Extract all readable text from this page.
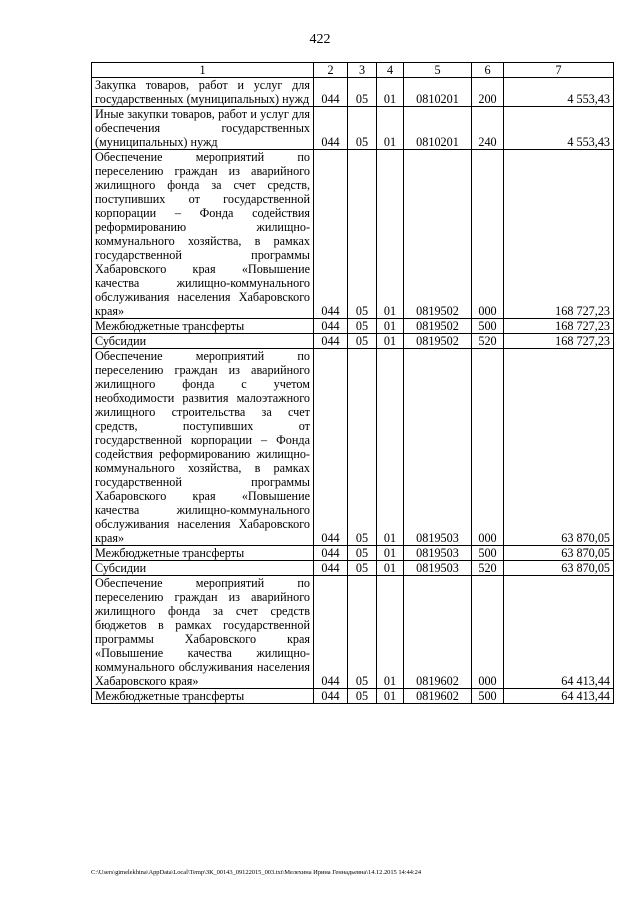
422
1	2	3	4	5	6	7
Закупка товаров, работ и услуг для государственных (муниципальных) нужд	044	05	01	0810201	200	4 553,43
Иные закупки товаров, работ и услуг для обеспечения государственных (муниципальных) нужд	044	05	01	0810201	240	4 553,43
Обеспечение мероприятий по переселению граждан из аварийного жилищного фонда за счет средств, поступивших от государственной корпорации – Фонда содействия реформированию жилищно-коммунального хозяйства, в рамках государственной программы Хабаровского края «Повышение качества жилищно-коммунального обслуживания населения Хабаровского края»	044	05	01	0819502	000	168 727,23
Межбюджетные трансферты	044	05	01	0819502	500	168 727,23
Субсидии	044	05	01	0819502	520	168 727,23
Обеспечение мероприятий по переселению граждан из аварийного жилищного фонда с учетом необходимости развития малоэтажного жилищного строительства за счет средств, поступивших от государственной корпорации – Фонда содействия реформированию жилищно-коммунального хозяйства, в рамках государственной программы Хабаровского края «Повышение качества жилищно-коммунального обслуживания населения Хабаровского края»	044	05	01	0819503	000	63 870,05
Межбюджетные трансферты	044	05	01	0819503	500	63 870,05
Субсидии	044	05	01	0819503	520	63 870,05
Обеспечение мероприятий по переселению граждан из аварийного жилищного фонда за счет средств бюджетов в рамках государственной программы Хабаровского края «Повышение качества жилищно-коммунального обслуживания населения Хабаровского края»	044	05	01	0819602	000	64 413,44
Межбюджетные трансферты	044	05	01	0819602	500	64 413,44
C:\Users\gimelekhina\AppData\Local\Temp\ЗК_00143_09122015_003.txt\Мелехина Ирина Геннадьевна\14.12.2015 14:44:24
